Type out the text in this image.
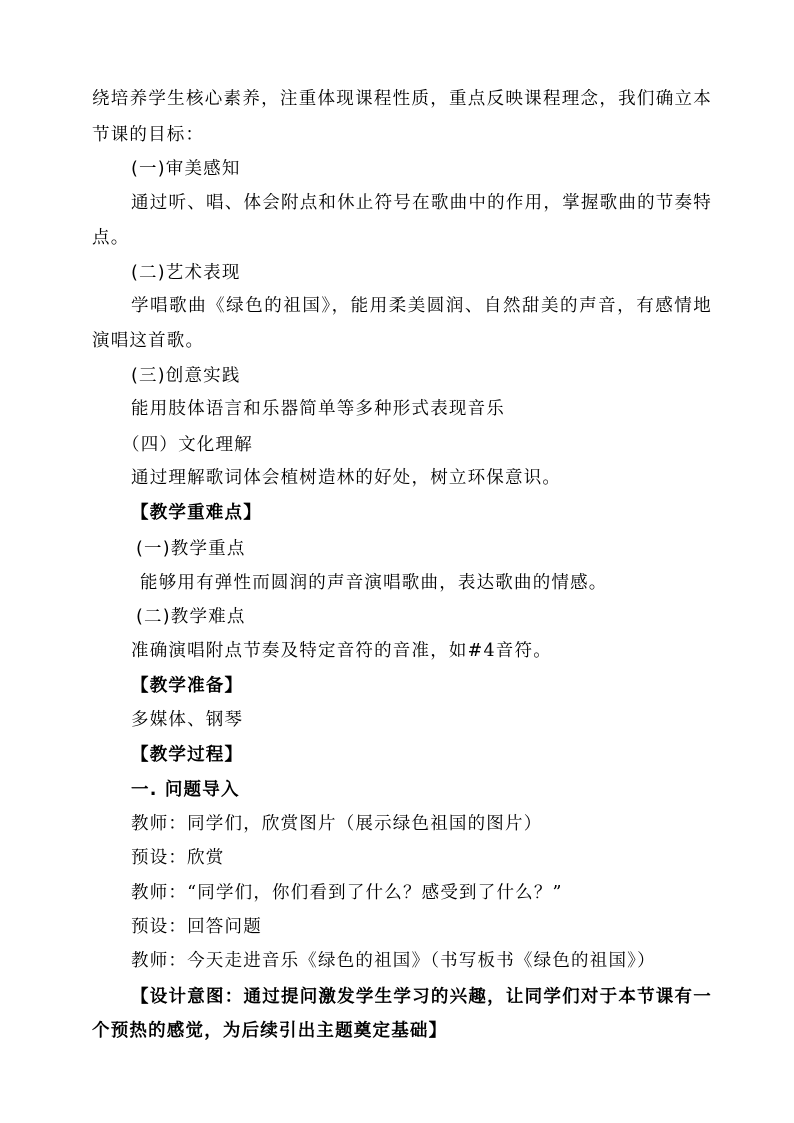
绕培养学生核心素养，注重体现课程性质，重点反映课程理念，我们确立本
节课的目标：
(一)审美感知
通过听、唱、体会附点和休止符号在歌曲中的作用，掌握歌曲的节奏特
点。
(二)艺术表现
学唱歌曲《绿色的祖国》，能用柔美圆润、自然甜美的声音，有感情地
演唱这首歌。
(三)创意实践
能用肢体语言和乐器简单等多种形式表现音乐
（四）文化理解
通过理解歌词体会植树造林的好处，树立环保意识。
【教学重难点】
(一)教学重点
能够用有弹性而圆润的声音演唱歌曲，表达歌曲的情感。
(二)教学难点
准确演唱附点节奏及特定音符的音准，如#4音符。
【教学准备】
多媒体、钢琴
【教学过程】
一. 问题导入
教师：同学们，欣赏图片（展示绿色祖国的图片）
预设：欣赏
教师：“同学们，你们看到了什么？感受到了什么？”
预设：回答问题
教师：今天走进音乐《绿色的祖国》（书写板书《绿色的祖国》）
【设计意图：通过提问激发学生学习的兴趣，让同学们对于本节课有一
个预热的感觉，为后续引出主题奠定基础】
